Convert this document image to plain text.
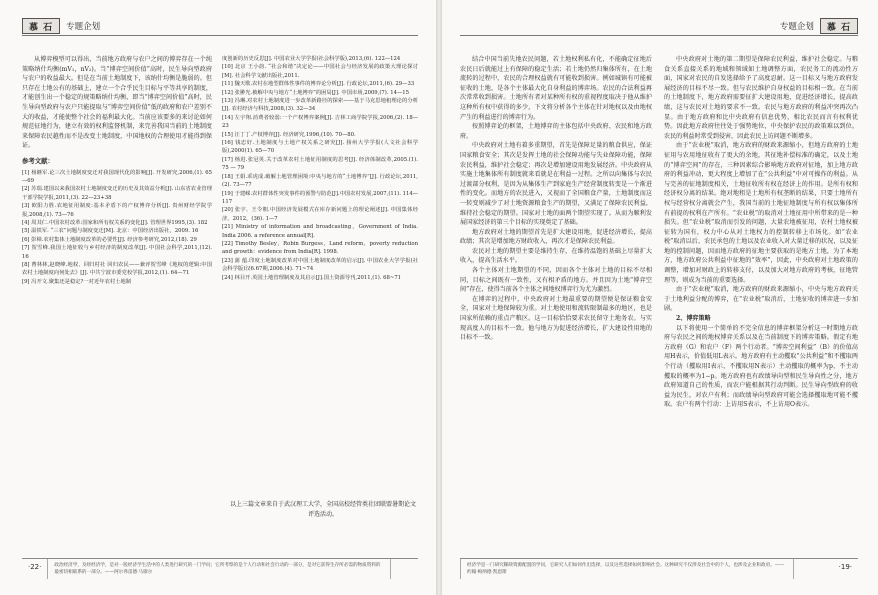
慕 石	专题企划

从博弈模型可以得出，当前地方政府与农户之间的博弈存在一个纯策略纳什均衡(mV₁，nV₂)。当“博弈空间价值”高时，民生导向型政府与农户的收益最大。但是在当前土地制度下，该纳什均衡是脆弱的。但只存在土地公有的基础上，建立一个合乎民生目标与平等共享的制度，才能创生出一个稳定的规策略纳什均衡，即当“博弈空间价值”高时，民生导向型政府与农户只能提取与“博弈空间价值”低的政府和农户差别不大的收益，才能使整个社会的福利最大化。当前应该要多的来讨论如何规范征地行为，建立有效的权利监督机制，来完善我国当前的土地制度来保障农民越性而不是改变土地制度，中国地权的合理使用才能得到保证。

参考文献：

[1] 杨継军.论三次土地制度变迁对我国现代化的影响[J]. 开发研究,2006,(1). 65—69

[2] 苏瑞.建国以来我国农村土地制度变迁的历史及其效益分析[J]. 山东省农业管理干部学院学报,2011,(3). 22—23+38

[3] 欧阳力胜.农地征用制度:基本矛盾下的产权博弈分析[J]. 贵州财经学院学报,2008,(1). 73—76

[4] 周其仁.中国农村改革:国家和所有权关系的变化[J]. 管理世界1995,(3). 182

[5] 温铁军. “三农”问题与制度变迁[M]. 北京：中国经济出版社，2009. 16

[6] 彭樟.农村集体土地制度改革的必要性[J]. 经济参考研究,2012,(18). 29

[7] 贺雪峰.我国土地征收与乡村经济的制度改革[J]. 中国社会科学,2011,(12). 16

[8] 曹林林,赵晓峰.地权、回归村社 回归农民——兼评贺雪峰《地权的逻辑:中国农村土地制度向何处去》[J]. 中共宁波市委党校学报,2012,(1). 64—71

[9] 冯开文.聚集还是稳定?一对近年农村土地制

度创新的历史反思[J]. 中国农业大学学报(社会科学版),2013,(6). 122—124

[10] 北京 王小韵. “社会和谐”决定论——中国社会与经济发展的政策大理论探讨[M]. 社会科学文献出版社,2011.

[11] 魏天歌.农村在地型群体性事件的博弈论分析[J]. 行政论坛,2011,(6). 29—33

[12] 张翀光.被解中央与地方“土地博弈”的困局[J]. 中国市场,2009,(7). 14—15

[13] 冯琳.对农村土地制度进一步改革新路径的探索——基于马克思地租理论的分析[J]. 农村经济与科技,2008,(3). 32—34

[14] 左宇翔.消费者较弱:一个产权博弈案例[J]. 吉林工商学院学报,2006,(2). 18—23

[15] 汪丁丁.产权博弈[J]. 经济研究,1996,(10). 70—80.

[16] 钱忠好.土地制度与土地产权关系之研究[J]. 扬州大学学报(人文社会科学版),2000(1). 65—70

[17] 杨进.张冠英.关于改革农村土地征用制度的思考[J]. 经济体制改革,2005.(1). 75 — 79

[18] 王娟.乖虎成.破解土地管理困境:中央与地方的“土地博弈”[J]. 行政论坛,2011,(2). 73—77

[19] 于建嵘.农村群体性突发事件的预警与防范[J].中国农村发展,2007,(11). 114— 117

[20] 张宇、王令朝.中国经济发展模式在库存新问题上的理论阐述[J]. 中国集体经济，2012，(36). 1—7

[21] Ministry of information and broadcasting，Government of India. India 2006. a reference annual[R].

[22] Timothy Besley，Robin Burgess，Land reform，poverty reduction and growth：evidence from India[R]. 1998.

[23] 蒲 蕴.印度土地制度改革对中国土地制度改革的启示[J]. 中国农业大学学报(社会科学版)汉6.67期,2006.(4). 71~74

[24] 林目开.英国土地管理制度及其启示[J].国土资源导刊,2011,(1). 68~71

以上三篇文章来自于武汉理工大学，全国高校经管类社团联盟暑期论文评选活动。
·22·	政治经济学，及经经济学，是对一般经济学生活中的人类进行研究的一门学问；它所考察的是个人行动和社会行动的一部分，是对它获得生存所必需的物质资料的最密切相联系的一部分。——阿尔弗雷德·马歇尔
专题企划	慕 石

结合中国当前失地农民问题，若土地权利私有化，不能确定征地后农民日后就能过上有保障的稳定生活；若土地仍然归集体所有，在土地流转的过程中，农民的合理权益就有可能收到损害。例如城镇有可能被征收的土地，是各个主体最大化自身利益的博弈场。农民的合法利益再次常常收到损害。土地所有者对某种所有权的重视程度取决于他从维护这种所有权中获得的多少，下文将分析各个主体在针对地权以及由地权产生的利益进行的博弈行为。

按照博弈论的框架，土地博弈的主体包括中央政府、农民和地方政府。

中央政府对土地有着多重期望，首先是保障足量的粮食供应，保证国家粮食安全；其次是发挥土地的社会保障功能与失业保障功能，保障农民利益，维护社会稳定；再次是增加建设用地发展经济。中央政府从实施土地集体所有制度就来看就是在利益一过程。之所以向集体与农民过渡部分权利，是因为从集体生产到家庭生产经营制度转变是一个渐进性的变化。而地方的农民进入，又视而了全国粮食产量，土地制度而这一转变则减少了对土地资源粮食生产的期望，又满足了保障农民利益，维持社会稳定的期望。国家对土地的面两个期望实现了。从而为顺利发展国家经济的第三个目标的实现奠定了基础。

地方政府对土地的期望首先是扩大建设用地，促进经济增长，提高政绩；其次是增加地方财政收入，再次才是保障农民利益。

农民对土地的期望主要是维持生存，在维持温饱的基础上尽量扩大收入，提高生活水平。

各个主体对土地期望的不同，因而各个主体对土地的目标不尽相同，目标之间既有一致性，又有相矛盾的地方。并且因为土地“博弈空间”存在，使得当前各个主体之间地权博弈行为尤为激烈。

在博弈的过程中，中央政府对土地最重要的期望便是保证粮食安全，国家对土地保障较为重。对土地使用和流转限制最多的地区，也是国家所依赖的重点产粮区。这一目标恰恰要求农民留守土地务农。与实现高度人的目标不一致。他与地方为促进经济增长，扩大建设性用地的目标不一致。

中央政府对土地的第二期望是保障农民利益，维护社会稳定。与粮食关系直接关系的地域和领域如土地调整方面，农民务工的流动性方面，国家对农民的自发选择给予了高度忍耐。这一目标又与地方政府发展经济的目标不尽一致。但与农民维护自身权益的目标相一致。在当前的土地制度下，地方政府需要征扩大建设用地，促进经济增长，提高政绩，这与农民对土地的要求不一致。农民与地方政府的利益冲突再次凸显。由于地方政府和比中央政府有信息优势，相比农民而言有权利优势。因此地方政府往往处于强势地位，中央保护农民的政策难以到位。农民的利益时常受到侵害，因此农民上访问题不断增多。

由于“农业税”取消，地方政府的财政来源缩小，但地方政府的土地征用与农用地征收有了更大的余地，其征地补偿标准的确定，以及土地的“博弈空间”的存在，三种因素综合影响地方政府对征地，加上地方政府的利益冲动，更大程度上增加了在“公共利益”中对可操作的利益。从与完善的征地制度相关，土地征收所有权在经济上的作用。是所有权和经济权分离的结果。绝对地租是土地所有权垄断的结果，只要土地所有权与经营权分离就会产生，我国当前的土地征地制度与所有权以集体所有前提的权利在产所有。“农业税”的取消对土地征用中所带来的是一种损失。但“农业税”取消而引发的问题，大量农地被征用，农村土地权被征转为国有，权力中心从对土地权力的控制转移上市场化。如“农业税”取消以后，农民承包的土地以及农业收入对大量迁移的状况，以及征地的控制问题，因而地方政府的征地主要获取的是地方土地，为了本地方，地方政府公共利益中征地的“效率”，因此，中央政府对土地政策的调整，增加对财政上的转移支付，以及加大对地方政府的考核，征地管理等，则成为当前的重要选择。

由于“农业税”取消，地方政府的财政来源缩小，中央与地方政府关于土地利益分配的博弈，在“农业税”取消后，土地征收的博弈进一步加剧。

2、博弈策略

以下将使用一个简单的不完全信息的博弈框架分析这一时期地方政府与农民之间的地权博弈关系以及在当前制度下的博弈策略。假定有地方政府（G）和农户（F）两个行动者。“博弈空间利益”（B）的价值高用H表示，价值低用L表示。地方政府有主动攫取“公共利益”和不攫取两个行动（攫取用I表示，不攫取用N表示）主动攫取的概率为p，不主动攫取的概率为1−p。地方政府也有政绩导向型和民生导向性之分，地方政府知道自己的性质，而农户能根据其行动判断。民生导向型政府的收益为民生，对农户有利；而政绩导向型政府可能会选择攫取地可能不攫取。农户有两个行动：上访用S表示，不上访用O表示。

经济学是一门研究稀缺资源配置的学问，它研究人们如何作出选择，以及这些选择如何影响社会。这种研究不仅涉及社会中的个人，也涉及企业和政府。——约翰·梅纳德·凯恩斯
·19·
